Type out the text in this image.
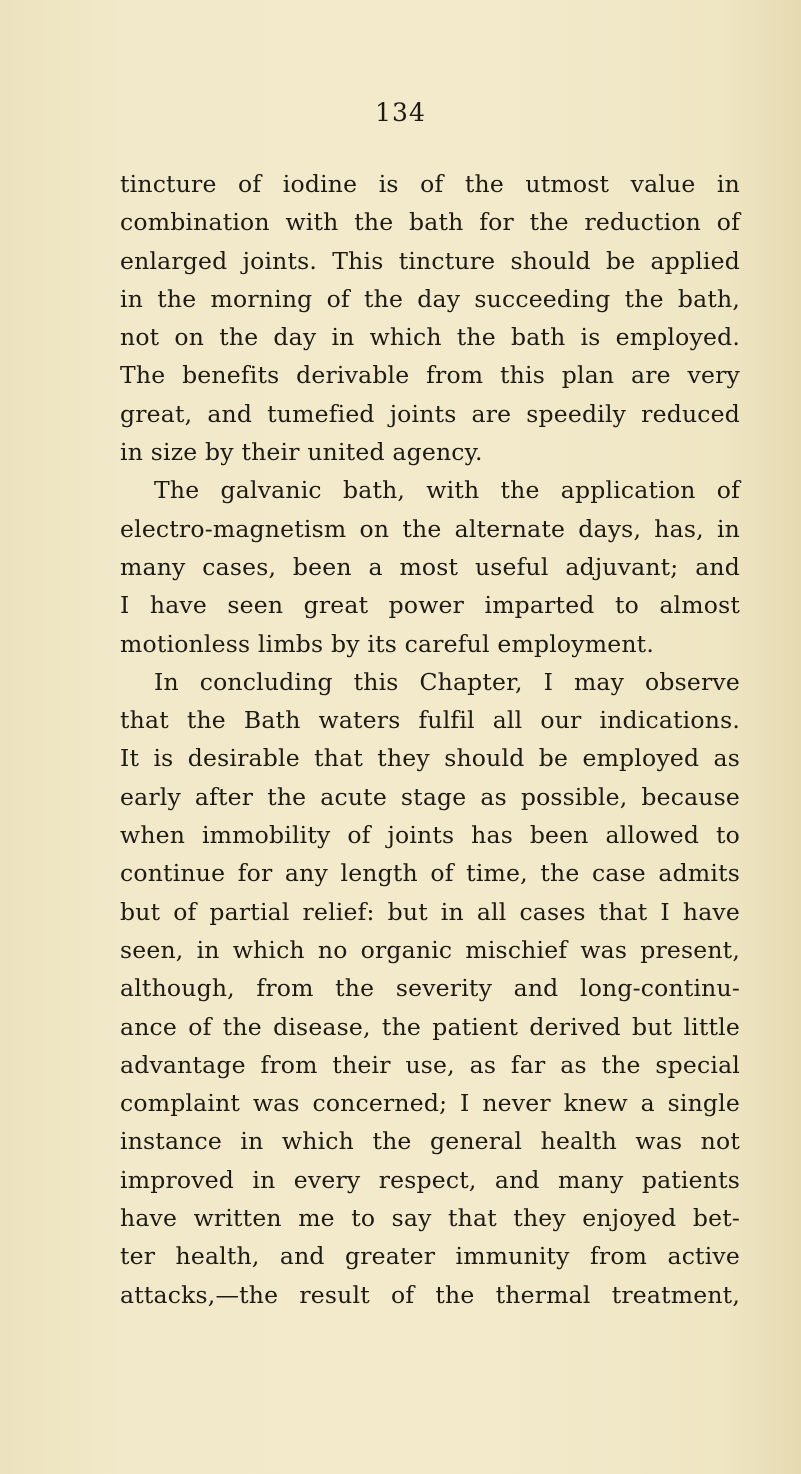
134
tincture of iodine is of the utmost value in
combination with the bath for the reduction of
enlarged joints. This tincture should be applied
in the morning of the day succeeding the bath,
not on the day in which the bath is employed.
The benefits derivable from this plan are very
great, and tumefied joints are speedily reduced
in size by their united agency.
The galvanic bath, with the application of
electro-magnetism on the alternate days, has, in
many cases, been a most useful adjuvant; and
I have seen great power imparted to almost
motionless limbs by its careful employment.
In concluding this Chapter, I may observe
that the Bath waters fulfil all our indications.
It is desirable that they should be employed as
early after the acute stage as possible, because
when immobility of joints has been allowed to
continue for any length of time, the case admits
but of partial relief: but in all cases that I have
seen, in which no organic mischief was present,
although, from the severity and long-continu-
ance of the disease, the patient derived but little
advantage from their use, as far as the special
complaint was concerned; I never knew a single
instance in which the general health was not
improved in every respect, and many patients
have written me to say that they enjoyed bet-
ter health, and greater immunity from active
attacks,—the result of the thermal treatment,
